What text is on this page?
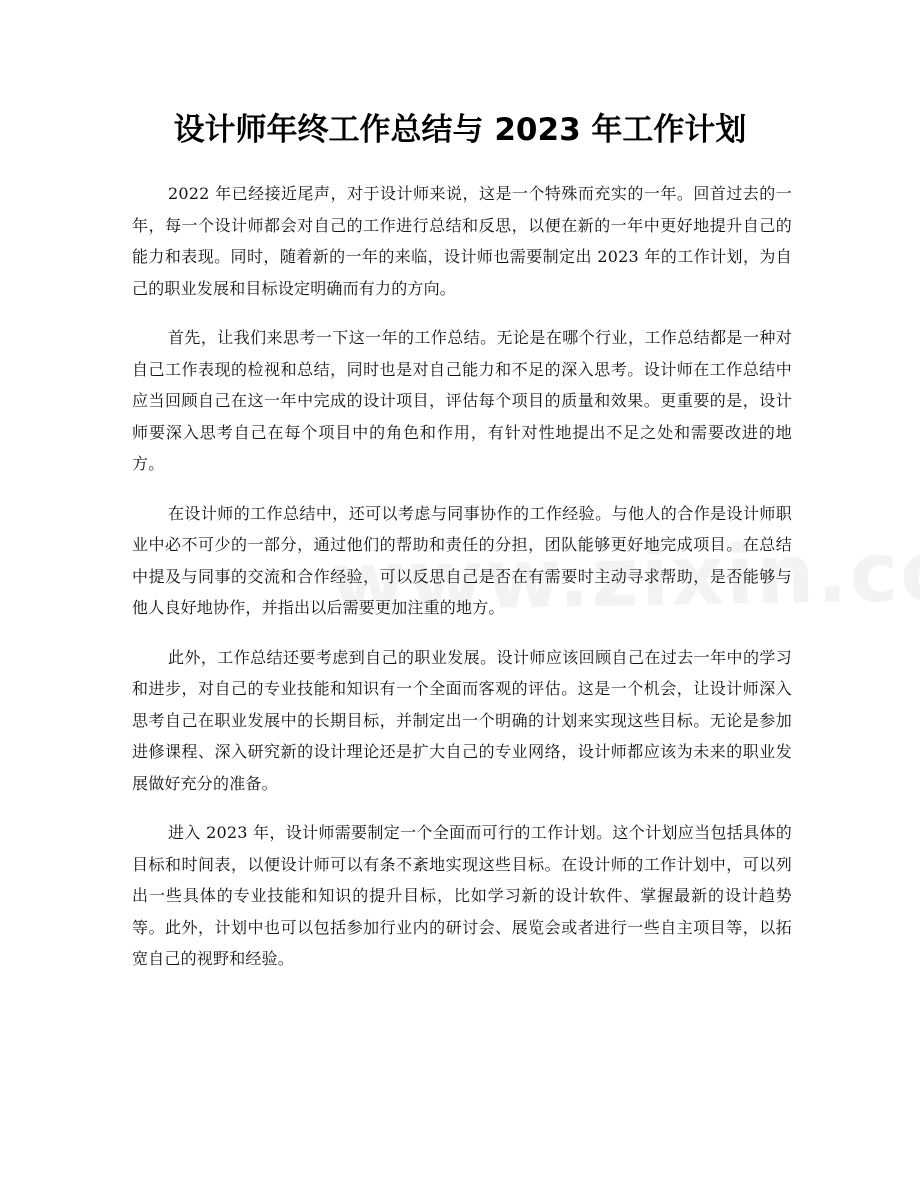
设计师年终工作总结与 2023 年工作计划

2022 年已经接近尾声，对于设计师来说，这是一个特殊而充实的一年。回首过去的一年，每一个设计师都会对自己的工作进行总结和反思，以便在新的一年中更好地提升自己的能力和表现。同时，随着新的一年的来临，设计师也需要制定出 2023 年的工作计划，为自己的职业发展和目标设定明确而有力的方向。

首先，让我们来思考一下这一年的工作总结。无论是在哪个行业，工作总结都是一种对自己工作表现的检视和总结，同时也是对自己能力和不足的深入思考。设计师在工作总结中应当回顾自己在这一年中完成的设计项目，评估每个项目的质量和效果。更重要的是，设计师要深入思考自己在每个项目中的角色和作用，有针对性地提出不足之处和需要改进的地方。

在设计师的工作总结中，还可以考虑与同事协作的工作经验。与他人的合作是设计师职业中必不可少的一部分，通过他们的帮助和责任的分担，团队能够更好地完成项目。在总结中提及与同事的交流和合作经验，可以反思自己是否在有需要时主动寻求帮助，是否能够与他人良好地协作，并指出以后需要更加注重的地方。

此外，工作总结还要考虑到自己的职业发展。设计师应该回顾自己在过去一年中的学习和进步，对自己的专业技能和知识有一个全面而客观的评估。这是一个机会，让设计师深入思考自己在职业发展中的长期目标，并制定出一个明确的计划来实现这些目标。无论是参加进修课程、深入研究新的设计理论还是扩大自己的专业网络，设计师都应该为未来的职业发展做好充分的准备。

进入 2023 年，设计师需要制定一个全面而可行的工作计划。这个计划应当包括具体的目标和时间表，以便设计师可以有条不紊地实现这些目标。在设计师的工作计划中，可以列出一些具体的专业技能和知识的提升目标，比如学习新的设计软件、掌握最新的设计趋势等。此外，计划中也可以包括参加行业内的研讨会、展览会或者进行一些自主项目等，以拓宽自己的视野和经验。
